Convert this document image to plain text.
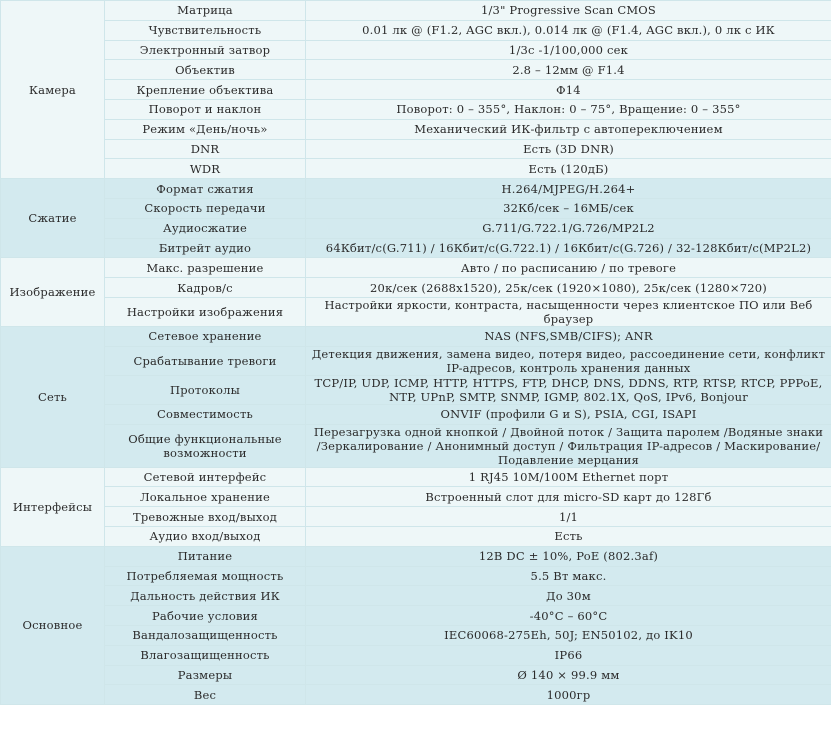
Камера	Матрица	1/3" Progressive Scan CMOS
	Чувствительность	0.01 лк @ (F1.2, AGC вкл.), 0.014 лк @ (F1.4, AGC вкл.), 0 лк с ИК
	Электронный затвор	1/3с -1/100,000 сек
	Объектив	2.8 – 12мм @ F1.4
	Крепление объектива	Φ14
	Поворот и наклон	Поворот: 0 – 355°, Наклон: 0 – 75°, Вращение: 0 – 355°
	Режим «День/ночь»	Механический ИК-фильтр с автопереключением
	DNR	Есть (3D DNR)
	WDR	Есть (120дБ)
Сжатие	Формат сжатия	H.264/MJPEG/H.264+
	Скорость передачи	32Кб/сек – 16МБ/сек
	Аудиосжатие	G.711/G.722.1/G.726/MP2L2
	Битрейт аудио	64Кбит/с(G.711) / 16Кбит/с(G.722.1) / 16Кбит/с(G.726) / 32-128Кбит/с(MP2L2)
Изображение	Макс. разрешение	Авто / по расписанию / по тревоге
	Кадров/с	20к/сек (2688x1520), 25к/сек (1920×1080), 25к/сек (1280×720)
	Настройки изображения	Настройки яркости, контраста, насыщенности через клиентское ПО или Веб браузер
Сеть	Сетевое хранение	NAS (NFS,SMB/CIFS); ANR
	Срабатывание тревоги	Детекция движения, замена видео, потеря видео, рассоединение сети, конфликт IP-адресов, контроль хранения данных
	Протоколы	TCP/IP, UDP, ICMP, HTTP, HTTPS, FTP, DHCP, DNS, DDNS, RTP, RTSP, RTCP, PPPoE, NTP, UPnP, SMTP, SNMP, IGMP, 802.1X, QoS, IPv6, Bonjour
	Совместимость	ONVIF (профили G и S), PSIA, CGI, ISAPI
	Общие функциональные возможности	Перезагрузка одной кнопкой / Двойной поток / Защита паролем /Водяные знаки /Зеркалирование / Анонимный доступ / Фильтрация IP-адресов / Маскирование/ Подавление мерцания
Интерфейсы	Сетевой интерфейс	1 RJ45 10M/100M Ethernet порт
	Локальное хранение	Встроенный слот для micro-SD карт до 128Гб
	Тревожные вход/выход	1/1
	Аудио вход/выход	Есть
Основное	Питание	12В DC ± 10%, PoE (802.3af)
	Потребляемая мощность	5.5 Вт макс.
	Дальность действия ИК	До 30м
	Рабочие условия	-40°C – 60°C
	Вандалозащищенность	IEC60068-275Eh, 50J; EN50102, до IK10
	Влагозащищенность	IP66
	Размеры	Ø 140 × 99.9 мм
	Вес	1000гр
